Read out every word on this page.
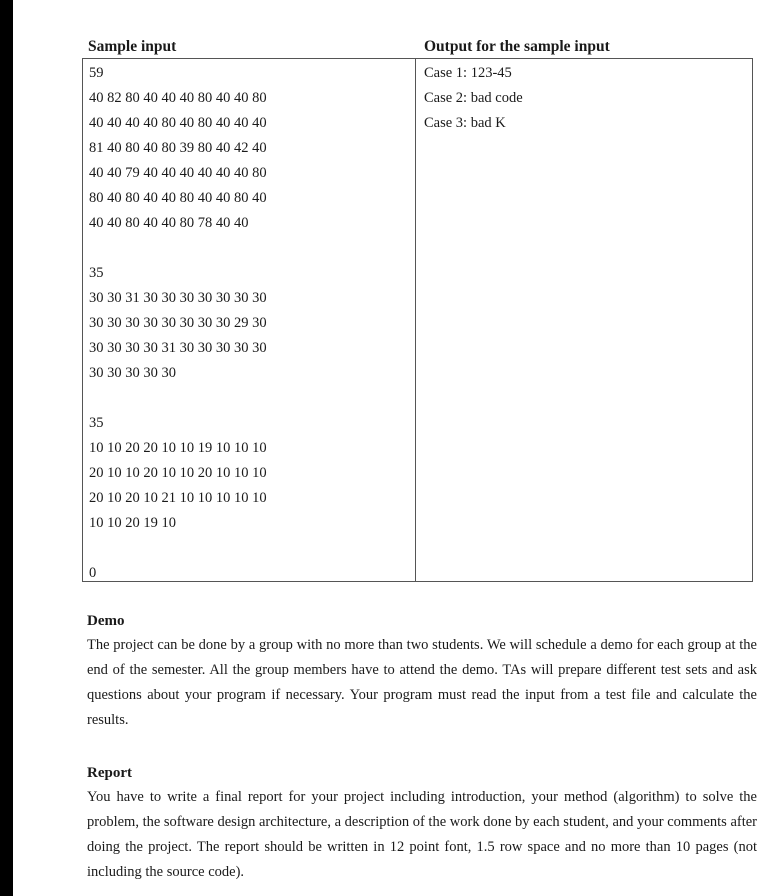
Sample input	Output for the sample input
59
40 82 80 40 40 40 80 40 40 80
40 40 40 40 80 40 80 40 40 40
81 40 80 40 80 39 80 40 42 40
40 40 79 40 40 40 40 40 40 80
80 40 80 40 40 80 40 40 80 40
40 40 80 40 40 80 78 40 40
35
30 30 31 30 30 30 30 30 30 30
30 30 30 30 30 30 30 30 29 30
30 30 30 30 31 30 30 30 30 30
30 30 30 30 30
35
10 10 20 20 10 10 19 10 10 10
20 10 10 20 10 10 20 10 10 10
20 10 20 10 21 10 10 10 10 10
10 10 20 19 10
0
Case 1: 123-45
Case 2: bad code
Case 3: bad K
Demo
The project can be done by a group with no more than two students. We will schedule a demo for each group at the end of the semester. All the group members have to attend the demo. TAs will prepare different test sets and ask questions about your program if necessary. Your program must read the input from a test file and calculate the results.
Report
You have to write a final report for your project including introduction, your method (algorithm) to solve the problem, the software design architecture, a description of the work done by each student, and your comments after doing the project. The report should be written in 12 point font, 1.5 row space and no more than 10 pages (not including the source code).
